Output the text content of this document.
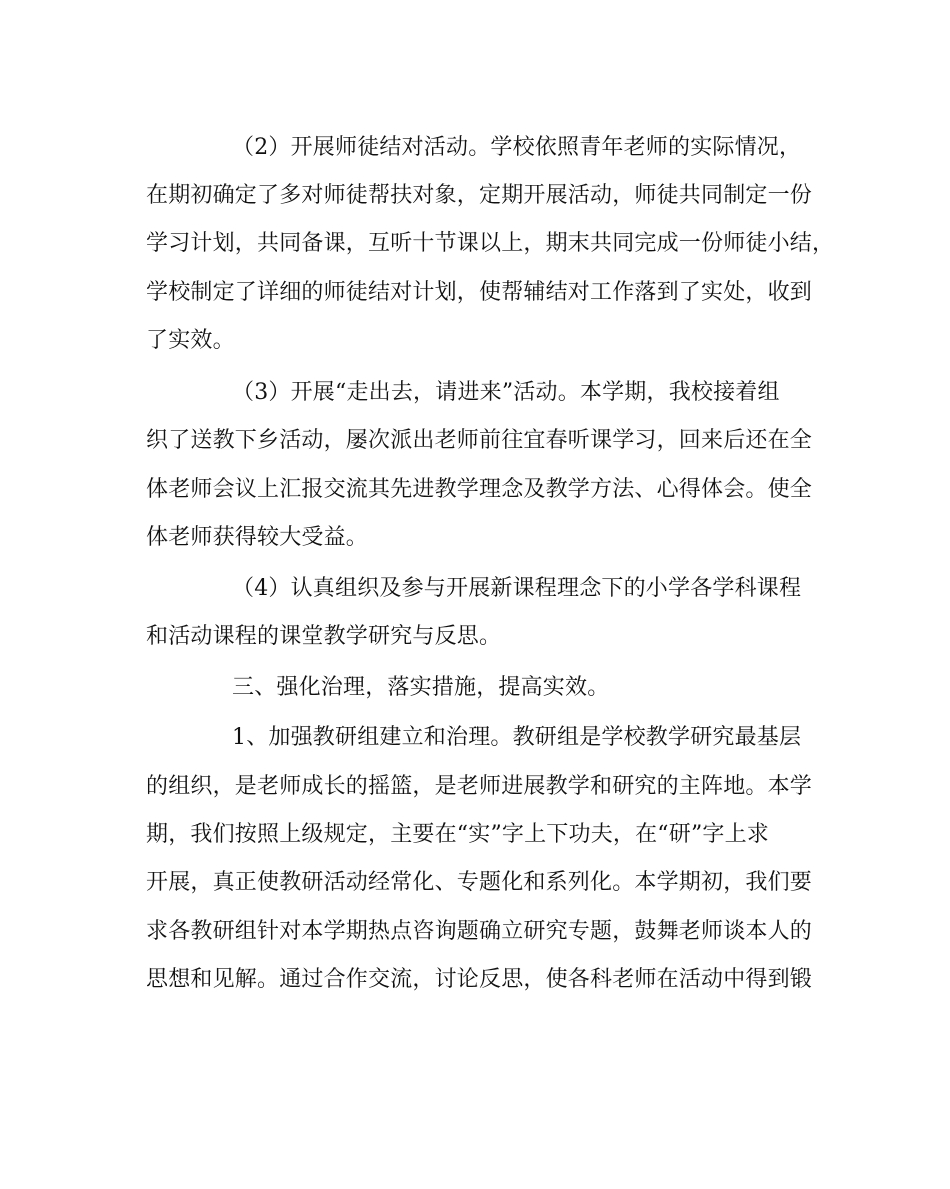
（2）开展师徒结对活动。学校依照青年老师的实际情况，
在期初确定了多对师徒帮扶对象，定期开展活动，师徒共同制定一份
学习计划，共同备课，互听十节课以上，期末共同完成一份师徒小结，
学校制定了详细的师徒结对计划，使帮辅结对工作落到了实处，收到
了实效。
（3）开展“走出去，请进来”活动。本学期，我校接着组
织了送教下乡活动，屡次派出老师前往宜春听课学习，回来后还在全
体老师会议上汇报交流其先进教学理念及教学方法、心得体会。使全
体老师获得较大受益。
（4）认真组织及参与开展新课程理念下的小学各学科课程
和活动课程的课堂教学研究与反思。
三、强化治理，落实措施，提高实效。
1、加强教研组建立和治理。教研组是学校教学研究最基层
的组织，是老师成长的摇篮，是老师进展教学和研究的主阵地。本学
期，我们按照上级规定，主要在“实”字上下功夫，在“研”字上求
开展，真正使教研活动经常化、专题化和系列化。本学期初，我们要
求各教研组针对本学期热点咨询题确立研究专题，鼓舞老师谈本人的
思想和见解。通过合作交流，讨论反思，使各科老师在活动中得到锻
